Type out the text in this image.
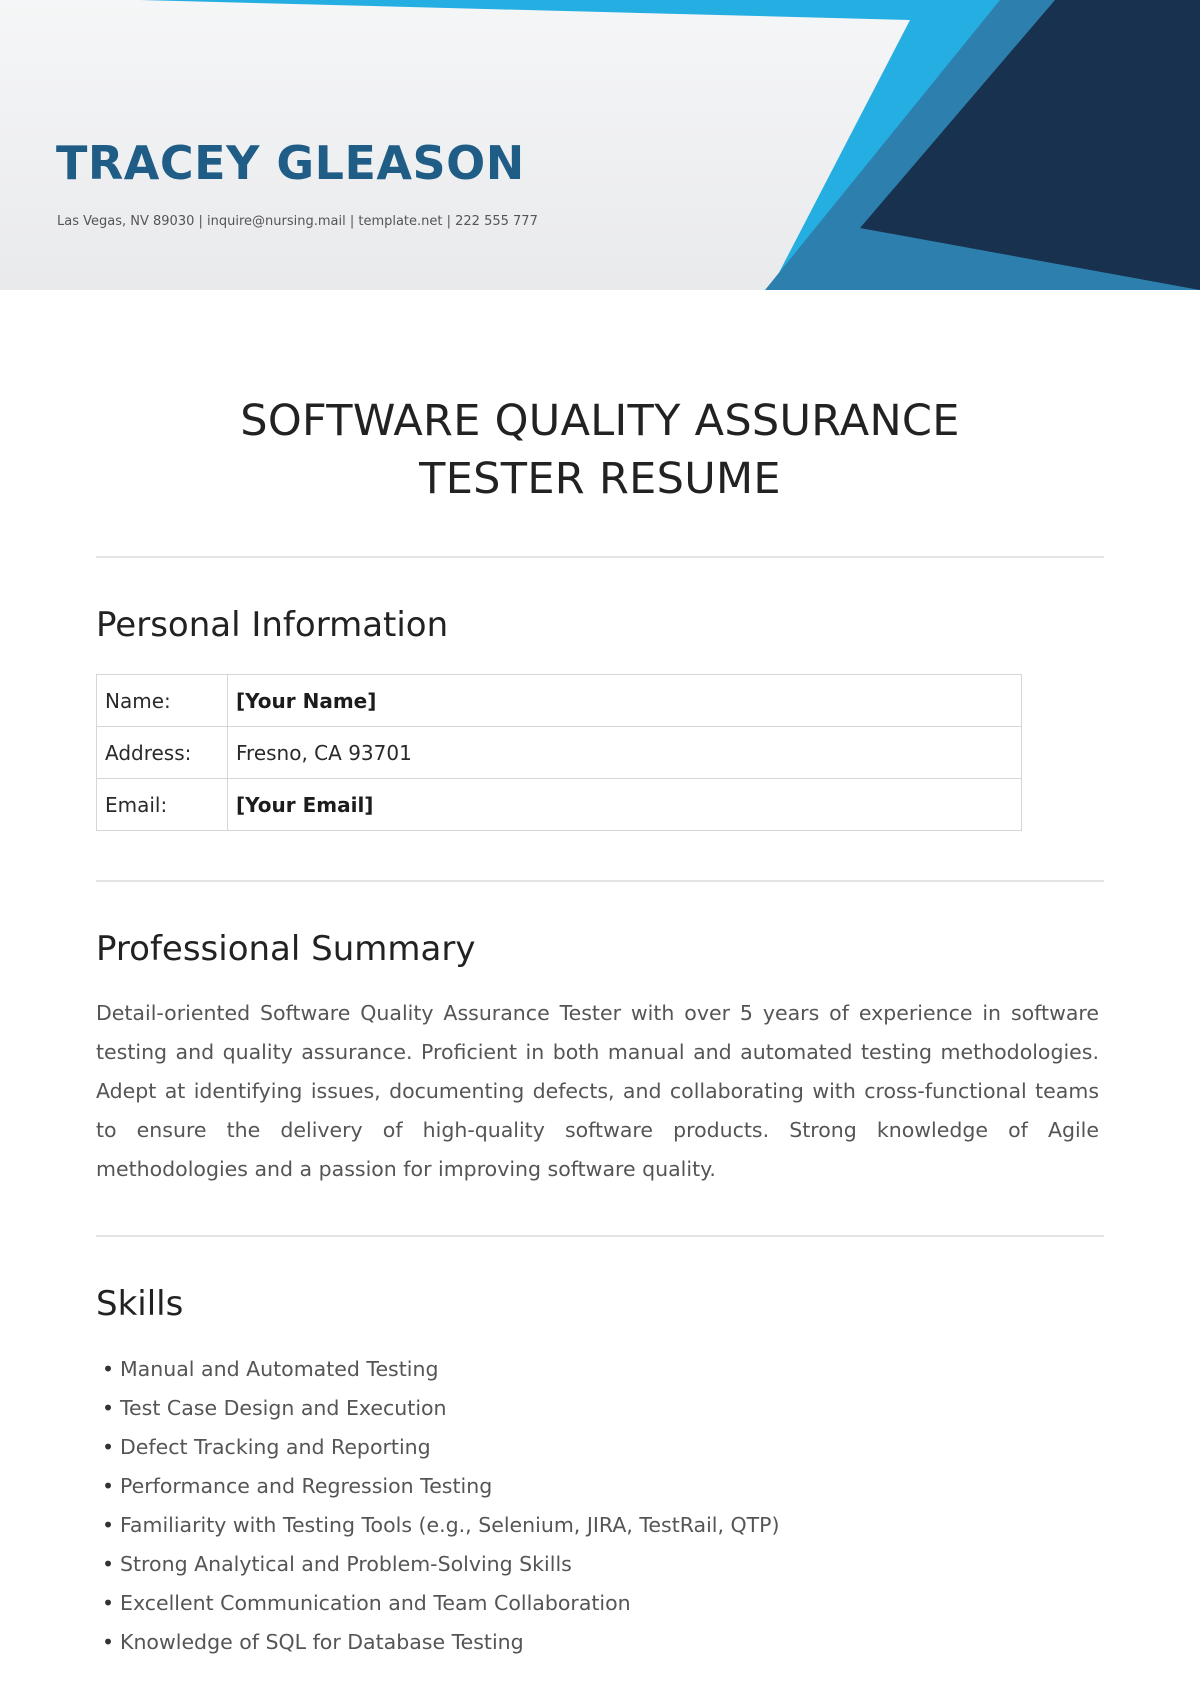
TRACEY GLEASON
Las Vegas, NV 89030 | inquire@nursing.mail | template.net | 222 555 777
SOFTWARE QUALITY ASSURANCE
TESTER RESUME
Personal Information
Name:	[Your Name]
Address:	Fresno, CA 93701
Email:	[Your Email]
Professional Summary

Detail-oriented Software Quality Assurance Tester with over 5 years of experience in software testing and quality assurance. Proficient in both manual and automated testing methodologies. Adept at identifying issues, documenting defects, and collaborating with cross-functional teams to ensure the delivery of high-quality software products. Strong knowledge of Agile methodologies and a passion for improving software quality.

Skills
• Manual and Automated Testing
• Test Case Design and Execution
• Defect Tracking and Reporting
• Performance and Regression Testing
• Familiarity with Testing Tools (e.g., Selenium, JIRA, TestRail, QTP)
• Strong Analytical and Problem-Solving Skills
• Excellent Communication and Team Collaboration
• Knowledge of SQL for Database Testing
